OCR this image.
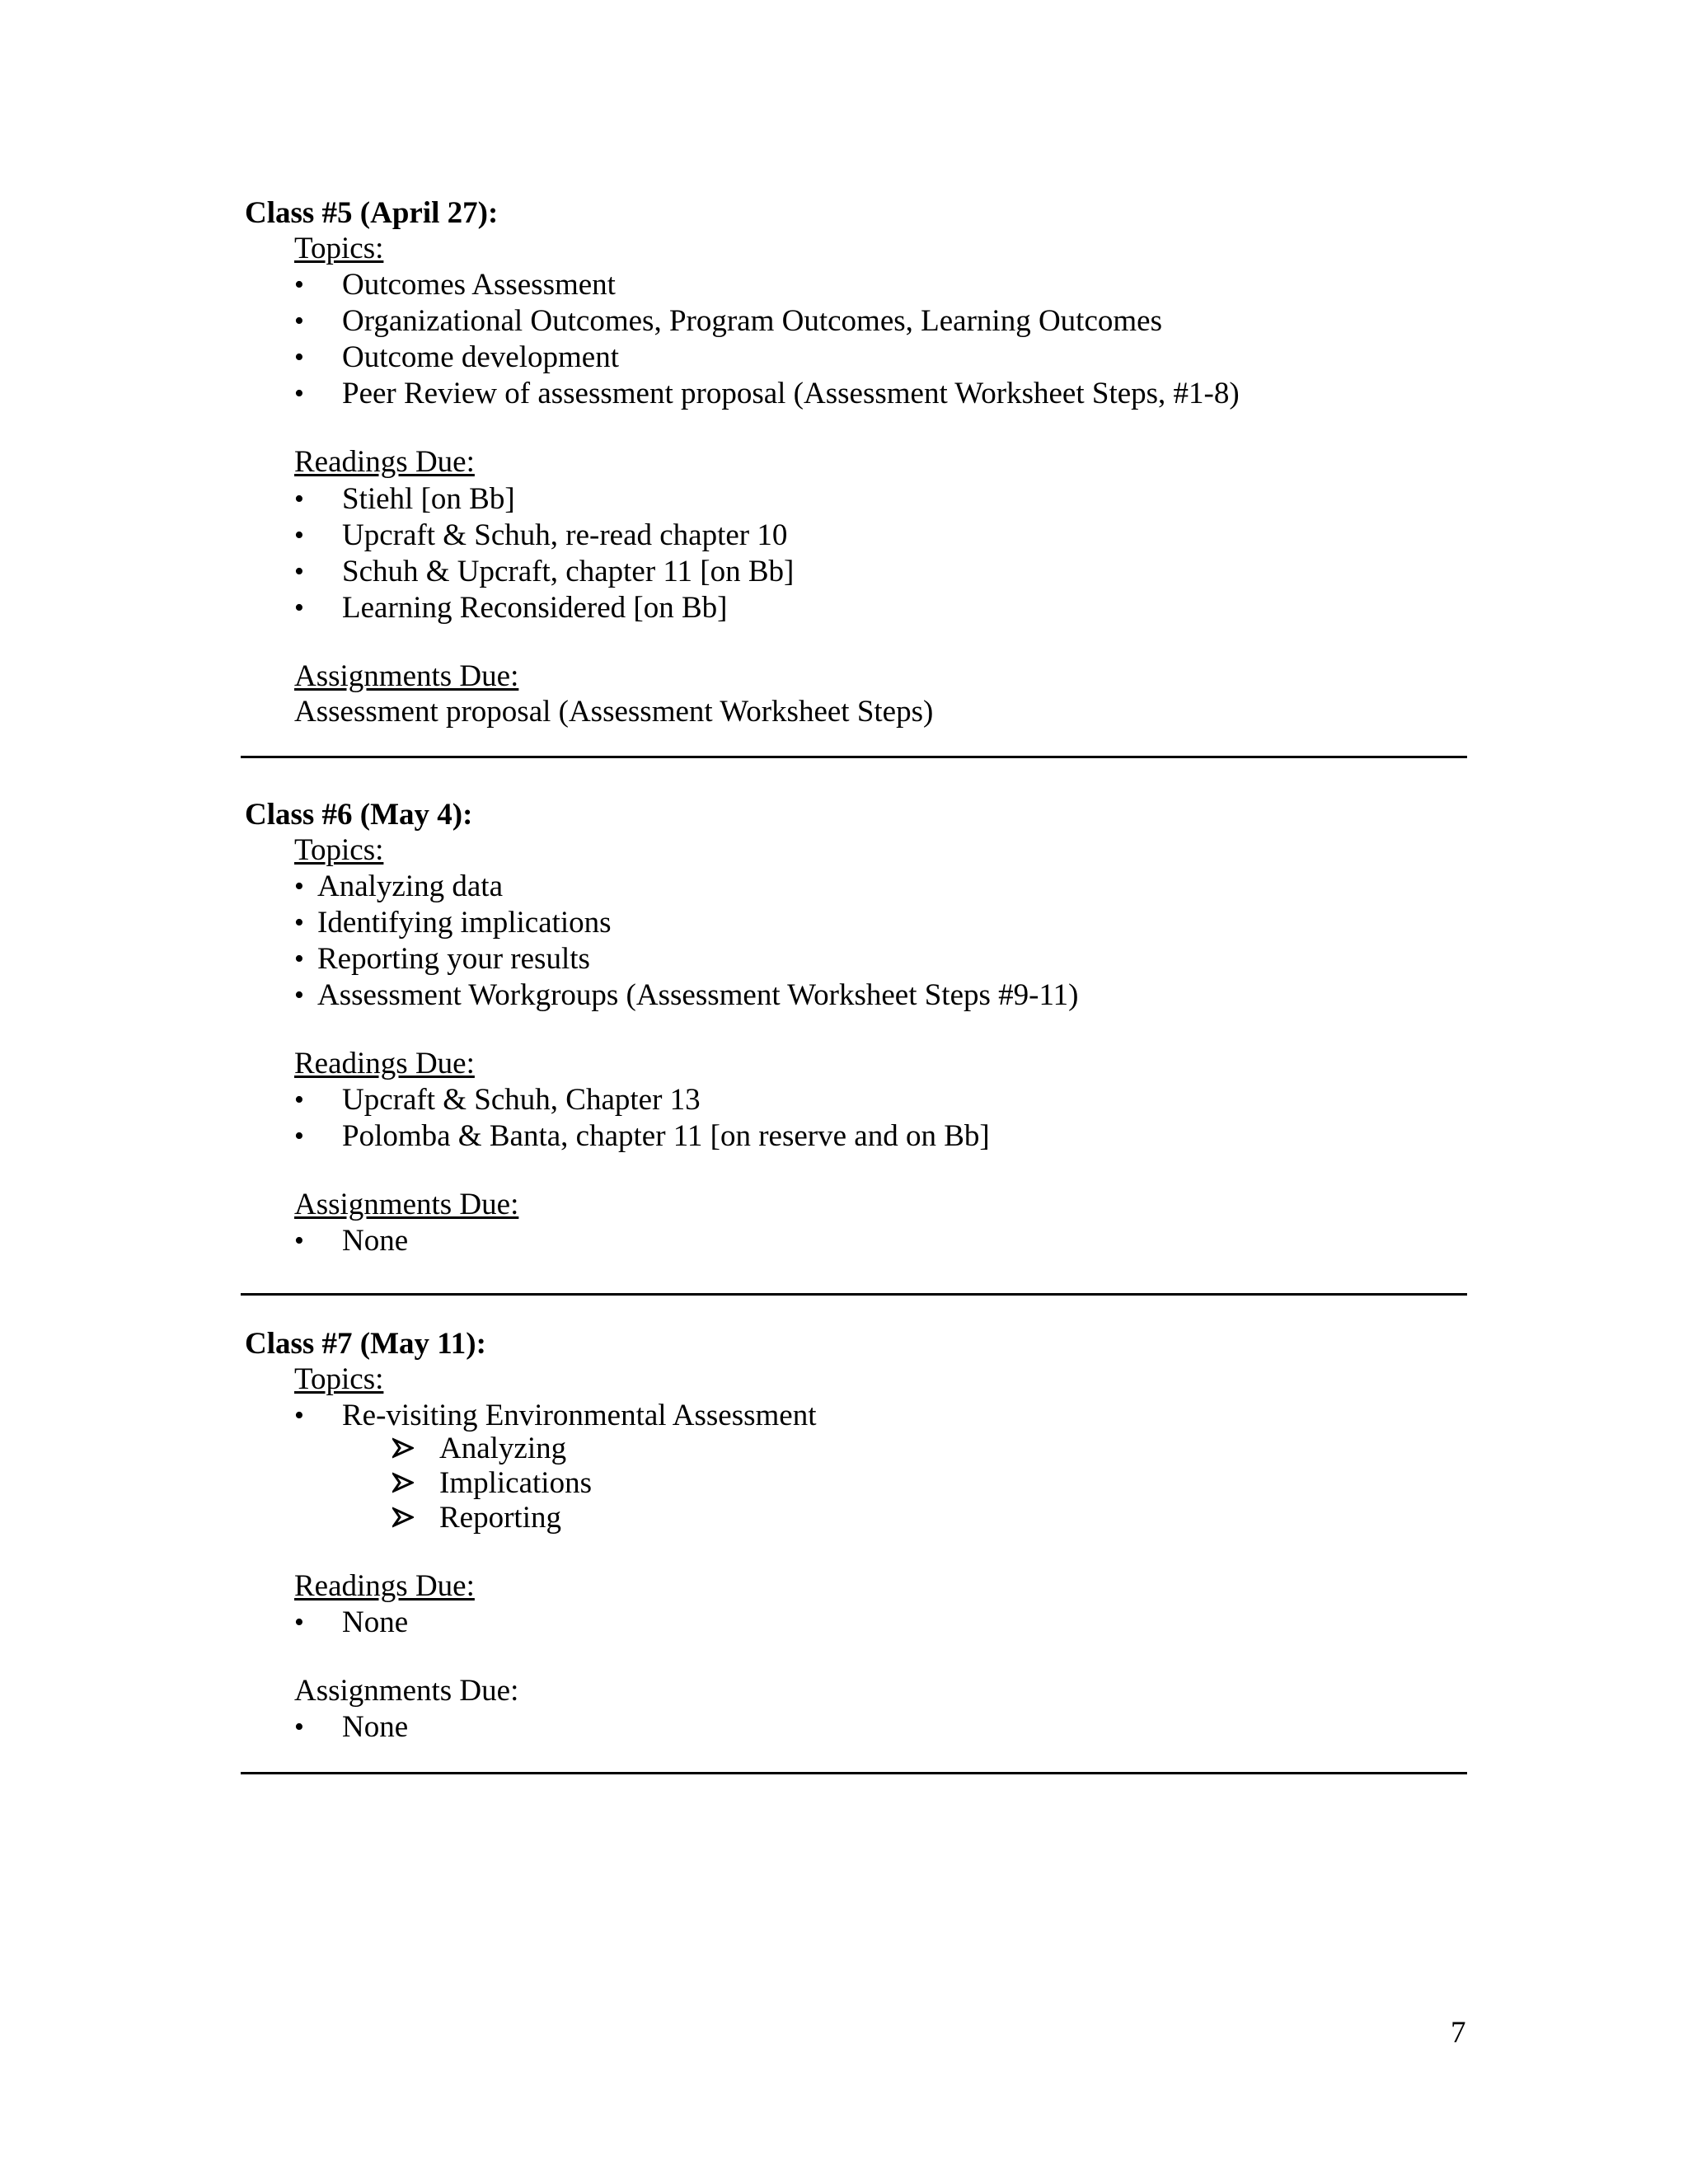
Class #5 (April 27):
Topics:
• Outcomes Assessment
• Organizational Outcomes, Program Outcomes, Learning Outcomes
• Outcome development
• Peer Review of assessment proposal (Assessment Worksheet Steps, #1-8)
Readings Due:
• Stiehl [on Bb]
• Upcraft & Schuh, re-read chapter 10
• Schuh & Upcraft, chapter 11 [on Bb]
• Learning Reconsidered [on Bb]
Assignments Due:
Assessment proposal (Assessment Worksheet Steps)
Class #6 (May 4):
Topics:
• Analyzing data
• Identifying implications
• Reporting your results
• Assessment Workgroups (Assessment Worksheet Steps #9-11)
Readings Due:
• Upcraft & Schuh, Chapter 13
• Polomba & Banta, chapter 11 [on reserve and on Bb]
Assignments Due:
• None
Class #7 (May 11):
Topics:
• Re-visiting Environmental Assessment
Analyzing
Implications
Reporting
Readings Due:
• None
Assignments Due:
• None
7
